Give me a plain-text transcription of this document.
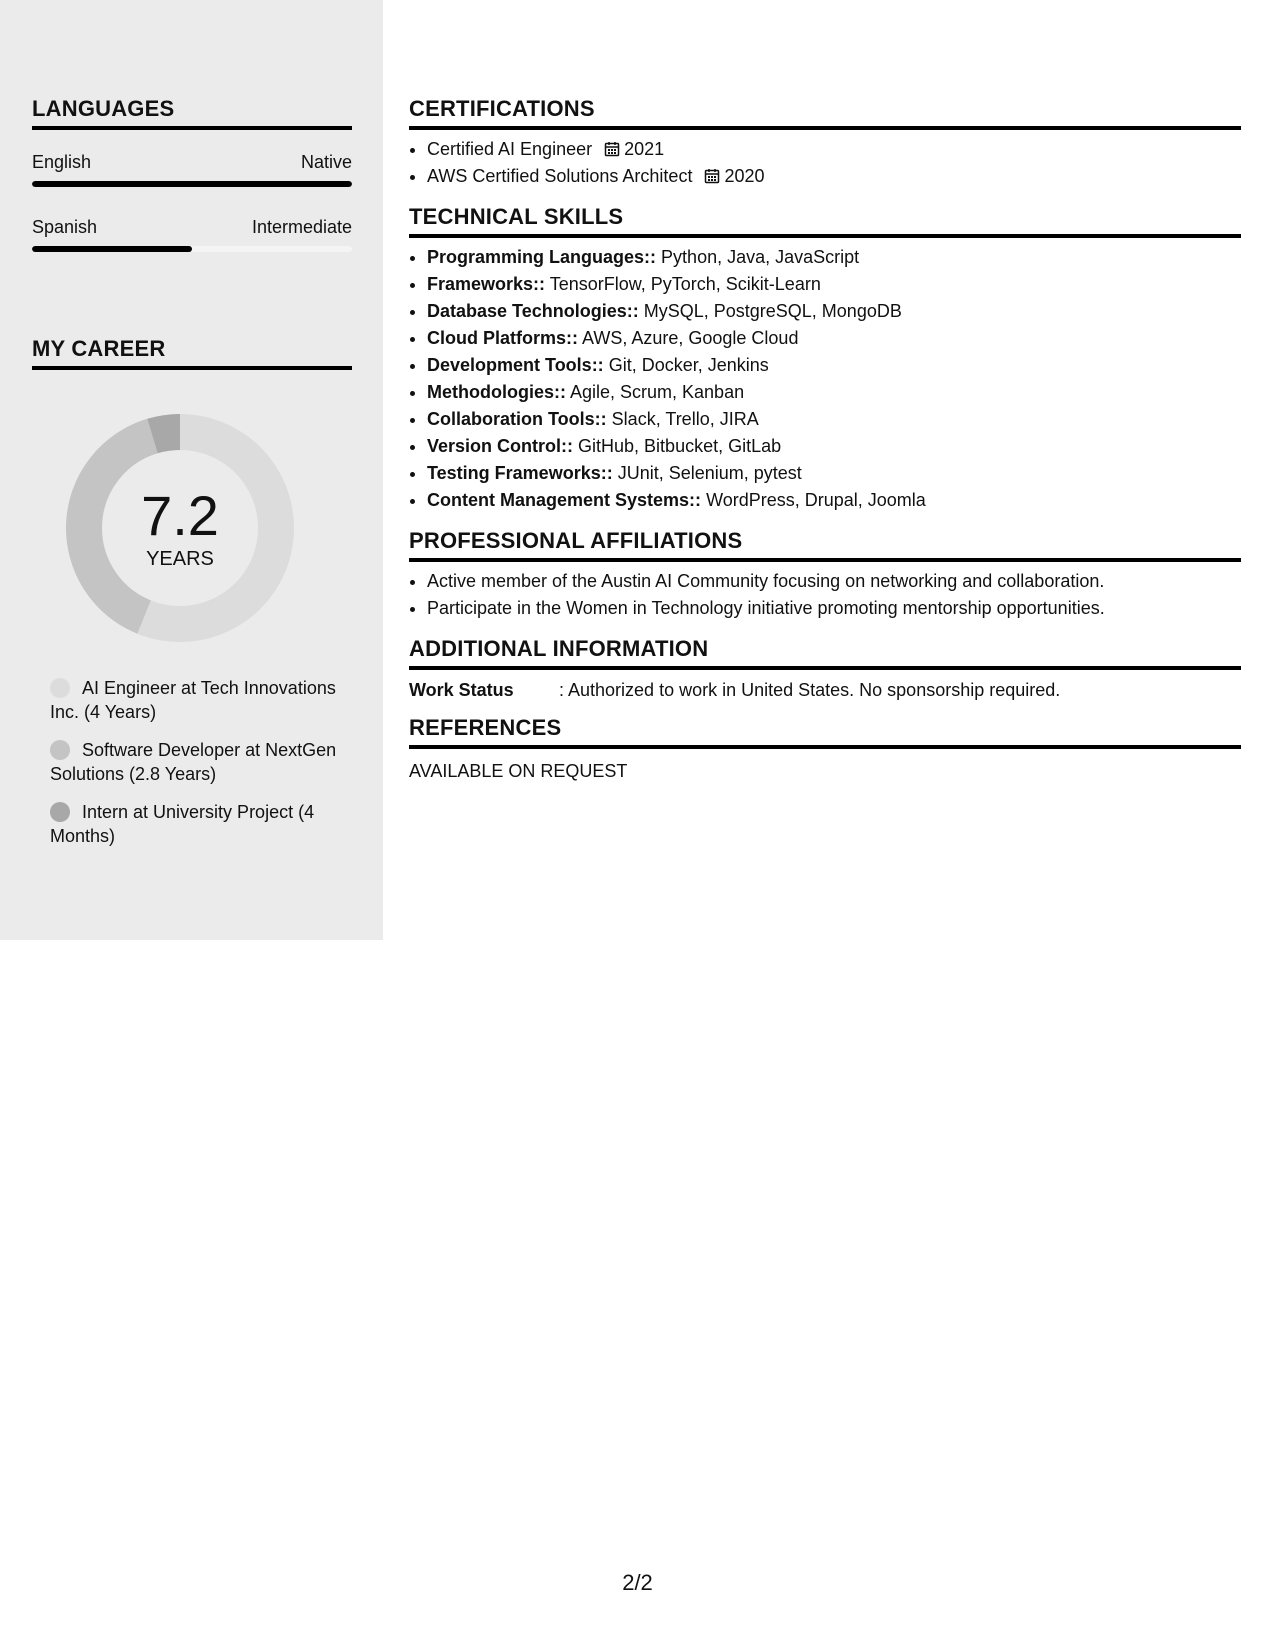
LANGUAGES
English	Native
Spanish	Intermediate
MY CAREER
7.2
YEARS
AI Engineer at Tech Innovations Inc. (4 Years)
Software Developer at NextGen Solutions (2.8 Years)
Intern at University Project (4 Months)
CERTIFICATIONS
• Certified AI Engineer 2021
• AWS Certified Solutions Architect 2020
TECHNICAL SKILLS
• Programming Languages:: Python, Java, JavaScript
• Frameworks:: TensorFlow, PyTorch, Scikit-Learn
• Database Technologies:: MySQL, PostgreSQL, MongoDB
• Cloud Platforms:: AWS, Azure, Google Cloud
• Development Tools:: Git, Docker, Jenkins
• Methodologies:: Agile, Scrum, Kanban
• Collaboration Tools:: Slack, Trello, JIRA
• Version Control:: GitHub, Bitbucket, GitLab
• Testing Frameworks:: JUnit, Selenium, pytest
• Content Management Systems:: WordPress, Drupal, Joomla
PROFESSIONAL AFFILIATIONS
• Active member of the Austin AI Community focusing on networking and collaboration.
• Participate in the Women in Technology initiative promoting mentorship opportunities.
ADDITIONAL INFORMATION
Work Status	: Authorized to work in United States. No sponsorship required.
REFERENCES
AVAILABLE ON REQUEST
2/2
